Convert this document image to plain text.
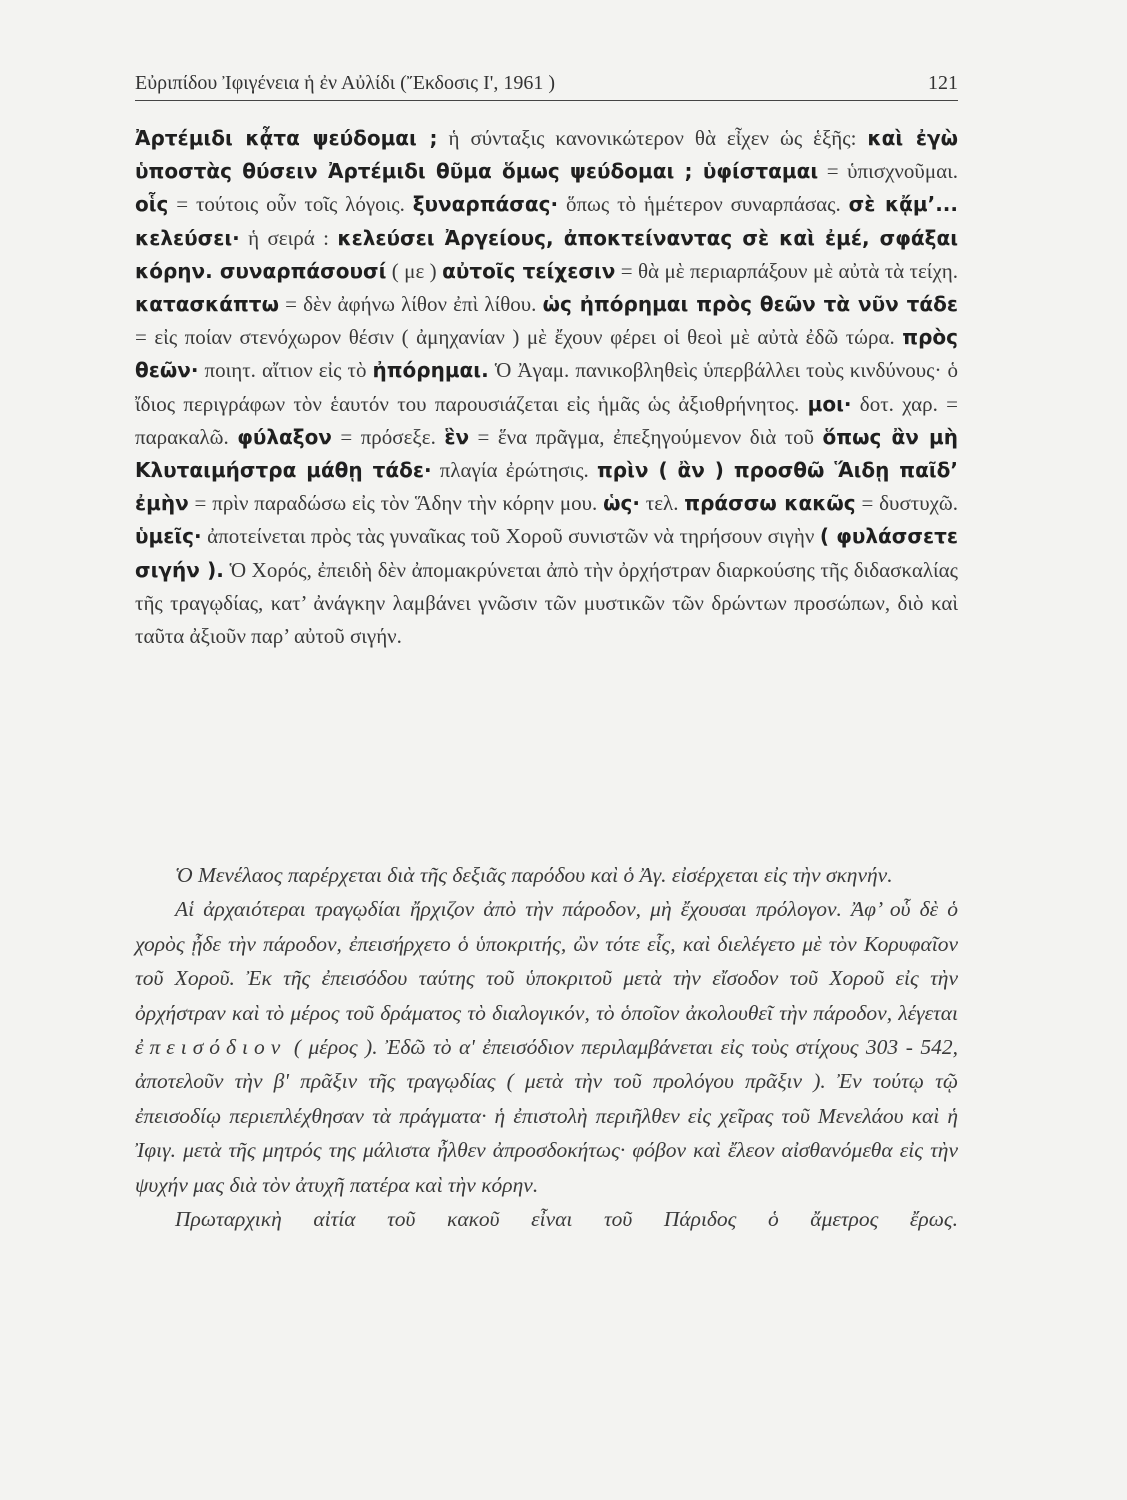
Εὐριπίδου Ἰφιγένεια ἡ ἐν Αὐλίδι (Ἔκδοσις Ι', 1961 )	121

Ἀρτέμιδι κᾆτα ψεύδομαι ; ἡ σύνταξις κανονικώτερον θὰ εἶχεν ὡς ἑξῆς: καὶ ἐγὼ ὑποστὰς θύσειν Ἀρτέμιδι θῦμα ὅμως ψεύδομαι ; ὑφίσταμαι = ὑπισχνοῦμαι. οἷς = τούτοις οὖν τοῖς λόγοις. ξυναρπάσας· ὅπως τὸ ἡμέτερον συναρπάσας. σὲ κᾄμ’... κελεύσει· ἡ σειρά : κελεύσει Ἀργείους, ἀποκτείναντας σὲ καὶ ἐμέ, σφάξαι κόρην. συναρπάσουσί ( με ) αὐτοῖς τείχεσιν = θὰ μὲ περιαρπάξουν μὲ αὐτὰ τὰ τείχη. κατασκάπτω = δὲν ἀφήνω λίθον ἐπὶ λίθου. ὡς ἠπόρημαι πρὸς θεῶν τὰ νῦν τάδε = εἰς ποίαν στενόχωρον θέσιν ( ἀμηχανίαν ) μὲ ἔχουν φέρει οἱ θεοὶ μὲ αὐτὰ ἐδῶ τώρα. πρὸς θεῶν· ποιητ. αἴτιον εἰς τὸ ἠπόρημαι. Ὁ Ἀγαμ. πανικοβληθεὶς ὑπερβάλλει τοὺς κινδύνους· ὁ ἴδιος περιγράφων τὸν ἑαυτόν του παρουσιάζεται εἰς ἡμᾶς ὡς ἀξιοθρήνητος. μοι· δοτ. χαρ. = παρακαλῶ. φύλαξον = πρόσεξε. ἓν = ἕνα πρᾶγμα, ἐπεξηγούμενον διὰ τοῦ ὅπως ἂν μὴ Κλυταιμήστρα μάθῃ τάδε· πλαγία ἐρώτησις. πρὶν ( ἂν ) προσθῶ Ἅιδῃ παῖδ’ ἐμὴν = πρὶν παραδώσω εἰς τὸν Ἅδην τὴν κόρην μου. ὡς· τελ. πράσσω κακῶς = δυστυχῶ. ὑμεῖς· ἀποτείνεται πρὸς τὰς γυναῖκας τοῦ Χοροῦ συνιστῶν νὰ τηρήσουν σιγὴν ( φυλάσσετε σιγήν ). Ὁ Χορός, ἐπειδὴ δὲν ἀπομακρύνεται ἀπὸ τὴν ὀρχήστραν διαρκούσης τῆς διδασκαλίας τῆς τραγῳδίας, κατ’ ἀνάγκην λαμβάνει γνῶσιν τῶν μυστικῶν τῶν δρώντων προσώπων, διὸ καὶ ταῦτα ἀξιοῦν παρ’ αὐτοῦ σιγήν.

Ὁ Μενέλαος παρέρχεται διὰ τῆς δεξιᾶς παρόδου καὶ ὁ Ἀγ. εἰσέρχεται εἰς τὴν σκηνήν.

Αἱ ἀρχαιότεραι τραγῳδίαι ἤρχιζον ἀπὸ τὴν πάροδον, μὴ ἔχουσαι πρόλογον. Ἀφ’ οὗ δὲ ὁ χορὸς ᾖδε τὴν πάροδον, ἐπεισήρχετο ὁ ὑποκριτής, ὢν τότε εἷς, καὶ διελέγετο μὲ τὸν Κορυφαῖον τοῦ Χοροῦ. Ἐκ τῆς ἐπεισόδου ταύτης τοῦ ὑποκριτοῦ μετὰ τὴν εἴσοδον τοῦ Χοροῦ εἰς τὴν ὀρχήστραν καὶ τὸ μέρος τοῦ δράματος τὸ διαλογικόν, τὸ ὁποῖον ἀκολουθεῖ τὴν πάροδον, λέγεται ἐπεισόδιον ( μέρος ). Ἐδῶ τὸ α' ἐπεισόδιον περιλαμβάνεται εἰς τοὺς στίχους 303 - 542, ἀποτελοῦν τὴν β' πρᾶξιν τῆς τραγῳδίας ( μετὰ τὴν τοῦ προλόγου πρᾶξιν ). Ἐν τούτῳ τῷ ἐπεισοδίῳ περιεπλέχθησαν τὰ πράγματα· ἡ ἐπιστολὴ περιῆλθεν εἰς χεῖρας τοῦ Μενελάου καὶ ἡ Ἰφιγ. μετὰ τῆς μητρός της μάλιστα ἦλθεν ἀπροσδοκήτως· φόβον καὶ ἔλεον αἰσθανόμεθα εἰς τὴν ψυχήν μας διὰ τὸν ἀτυχῆ πατέρα καὶ τὴν κόρην.

Πρωταρχικὴ αἰτία τοῦ κακοῦ εἶναι τοῦ Πάριδος ὁ ἄμετρος ἔρως.
